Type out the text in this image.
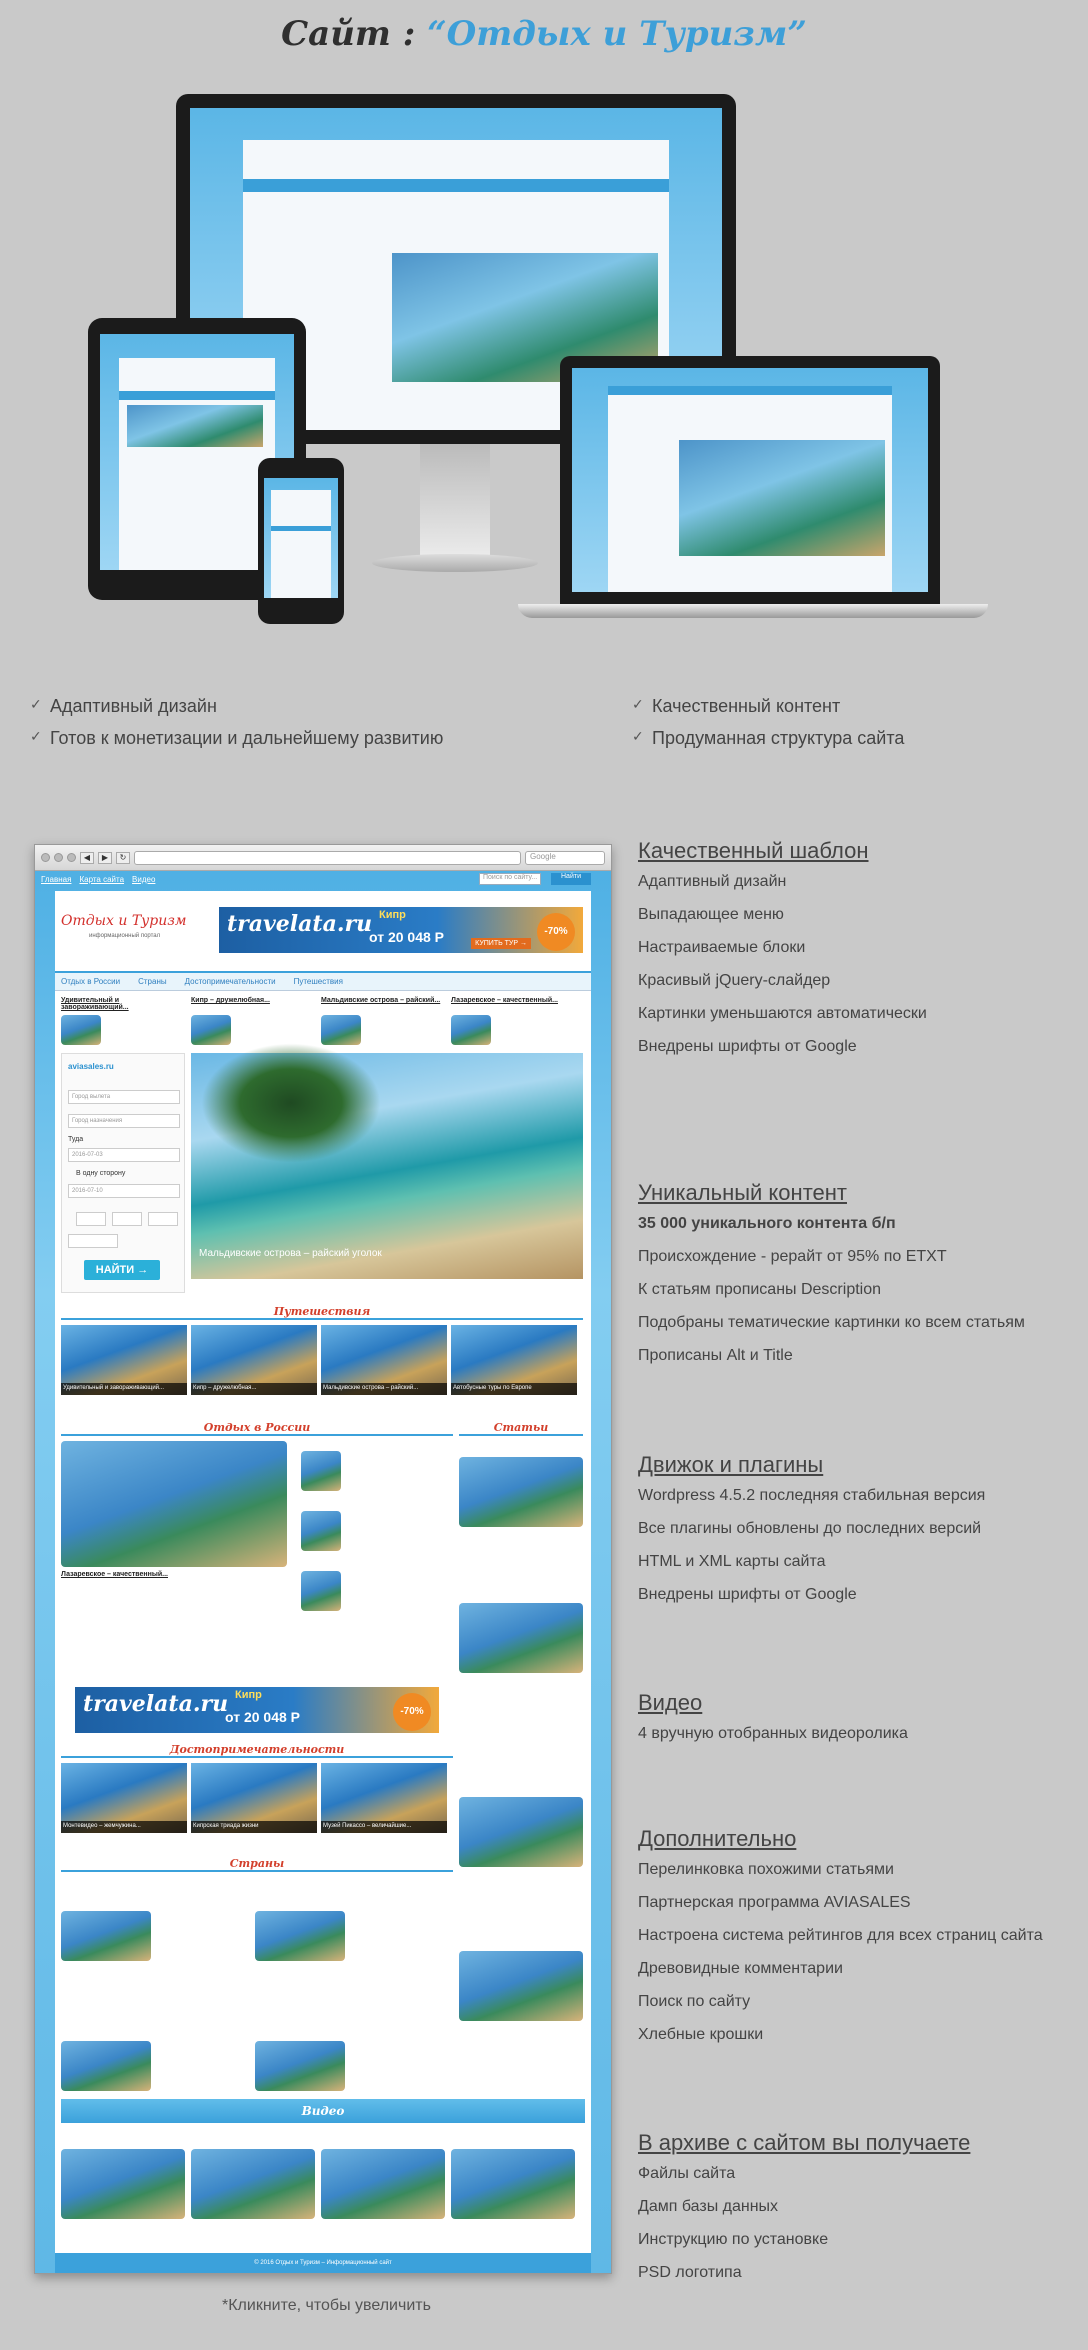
Сайт : “Отдых и Туризм”
✓ Адаптивный дизайн
✓ Готов к монетизации и дальнейшему развитию
✓ Качественный контент
✓ Продуманная структура сайта
◀	▶	↻	Google
Главная Карта сайта Видео	Поиск по сайту...	Найти
Отдых и Туризм
информационный портал	travelata.ru Кипр
от 20 048 Р	-70%
КУПИТЬ ТУР →
Отдых в России Страны Достопримечательности Путешествия
Удивительный и завораживающий...
Кипр – дружелюбная...	Мальдивские острова – райский...	Лазаревское – качественный...
aviasales.ru
Город вылета
Город назначения
Туда
2016-07-03
В одну сторону
2016-07-10
НАЙТИ →
Мальдивские острова – райский уголок
Путешествия
Удивительный и завораживающий...	Кипр – дружелюбная...	Мальдивские острова – райский...	Автобусные туры по Европе
Отдых в России	Статьи
Лазаревское – качественный...
travelata.ru Кипр
от 20 048 Р	-70%
Достопримечательности
Монтевидео – жемчужина...	Кипрская триада жизни	Музей Пикассо – величайшие...
Страны
Видео
© 2016 Отдых и Туризм – Информационный сайт
Качественный шаблон

Адаптивный дизайн

Выпадающее меню

Настраиваемые блоки

Красивый jQuery-слайдер

Картинки уменьшаются автоматически

Внедрены шрифты от Google

Уникальный контент

35 000 уникального контента б/п

Происхождение - рерайт от 95% по ETXT

К статьям прописаны Description

Подобраны тематические картинки ко всем статьям

Прописаны Alt и Title

Движок и плагины

Wordpress 4.5.2 последняя стабильная версия

Все плагины обновлены до последних версий

HTML и XML карты сайта

Внедрены шрифты от Google

Видео

4 вручную отобранных видеоролика

Дополнительно

Перелинковка похожими статьями

Партнерская программа AVIASALES

Настроена система рейтингов для всех страниц сайта

Древовидные комментарии

Поиск по сайту

Хлебные крошки

В архиве с сайтом вы получаете

Файлы сайта

Дамп базы данных

Инструкцию по установке

PSD логотипа

*Кликните, чтобы увеличить
